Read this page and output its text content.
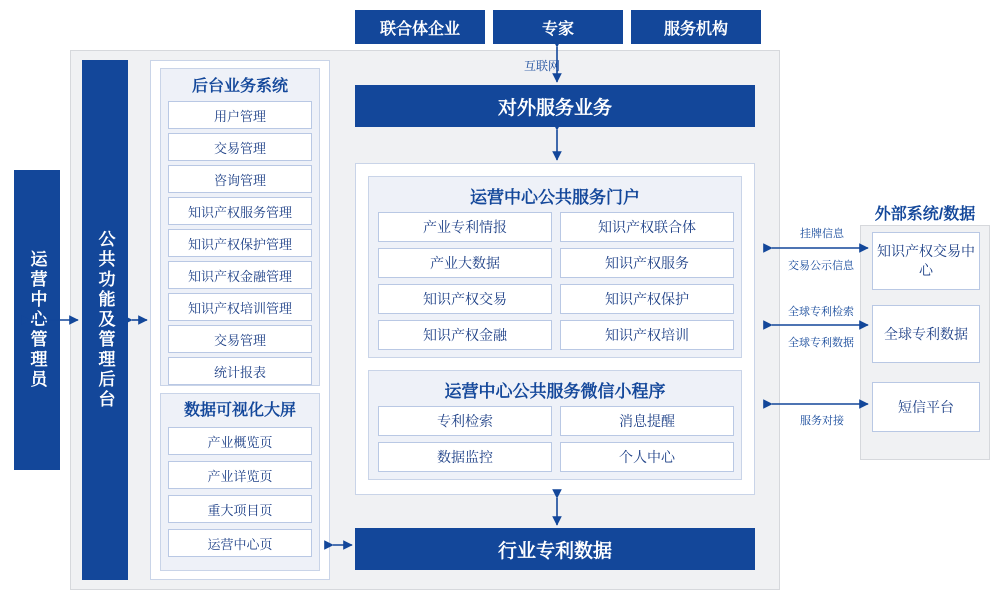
联合体企业	专家	服务机构
互联网
对外服务业务
运营中心管理员	公共功能及管理后台
后台业务系统
用户管理
交易管理
咨询管理
知识产权服务管理
知识产权保护管理
知识产权金融管理
知识产权培训管理
交易管理
统计报表
数据可视化大屏
产业概览页
产业详览页
重大项目页
运营中心页
运营中心公共服务门户
产业专利情报	知识产权联合体
产业大数据	知识产权服务
知识产权交易	知识产权保护
知识产权金融	知识产权培训
运营中心公共服务微信小程序
专利检索	消息提醒
数据监控	个人中心
行业专利数据
外部系统/数据
知识产权交易中心
全球专利数据
短信平台
挂牌信息
交易公示信息
全球专利检索
全球专利数据
服务对接
